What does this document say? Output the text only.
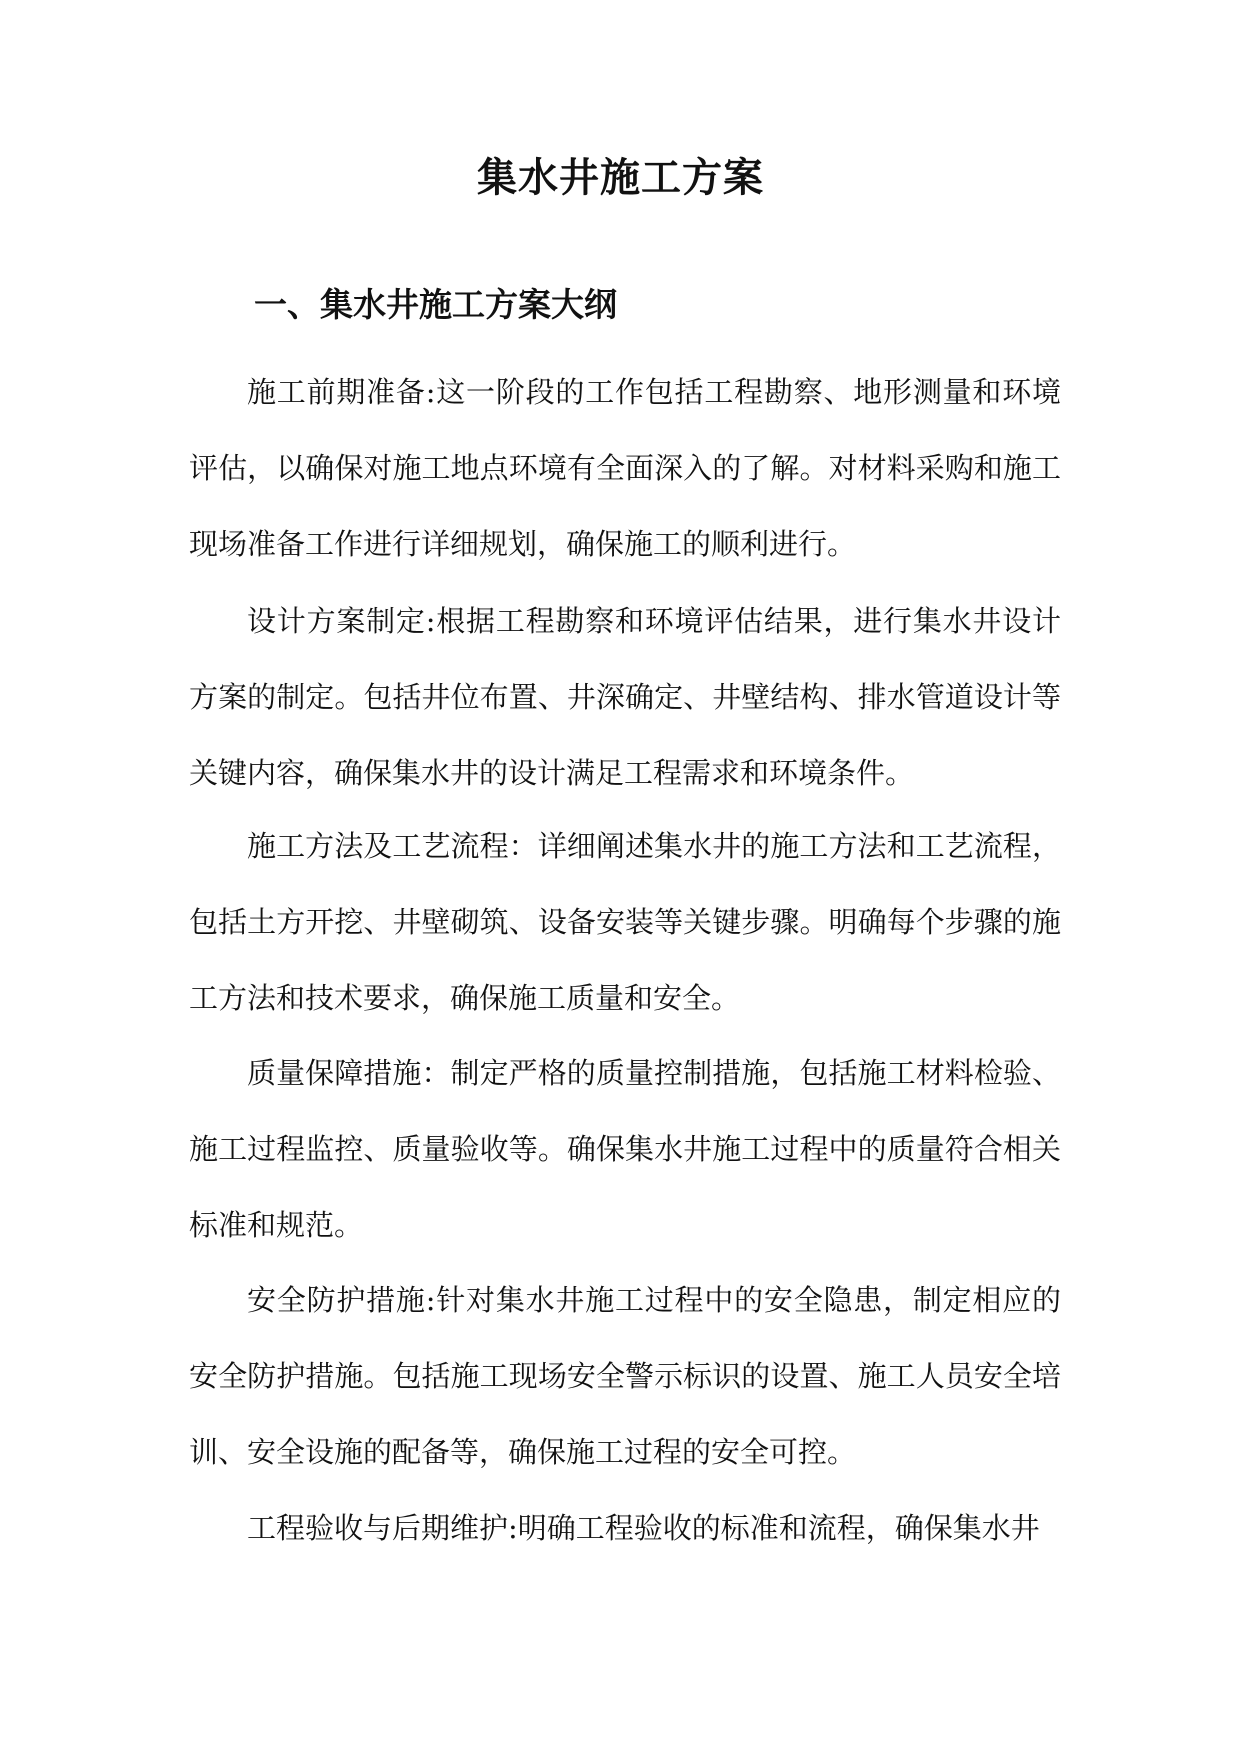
集水井施工方案
一、集水井施工方案大纲

施工前期准备:这一阶段的工作包括工程勘察、地形测量和环境评估，以确保对施工地点环境有全面深入的了解。对材料采购和施工现场准备工作进行详细规划，确保施工的顺利进行。

设计方案制定:根据工程勘察和环境评估结果，进行集水井设计方案的制定。包括井位布置、井深确定、井壁结构、排水管道设计等关键内容，确保集水井的设计满足工程需求和环境条件。

施工方法及工艺流程：详细阐述集水井的施工方法和工艺流程，包括土方开挖、井壁砌筑、设备安装等关键步骤。明确每个步骤的施工方法和技术要求，确保施工质量和安全。

质量保障措施：制定严格的质量控制措施，包括施工材料检验、施工过程监控、质量验收等。确保集水井施工过程中的质量符合相关标准和规范。

安全防护措施:针对集水井施工过程中的安全隐患，制定相应的安全防护措施。包括施工现场安全警示标识的设置、施工人员安全培训、安全设施的配备等，确保施工过程的安全可控。

工程验收与后期维护:明确工程验收的标准和流程，确保集水井
